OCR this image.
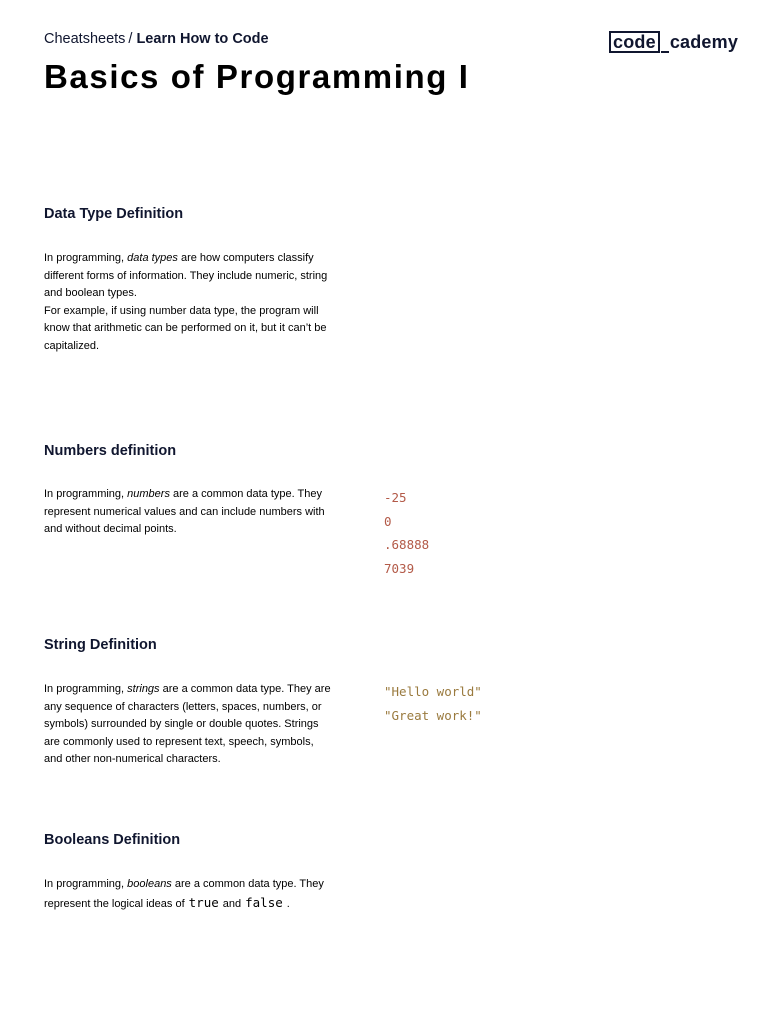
Cheatsheets / Learn How to Code	code cademy
Basics of Programming I
Data Type Definition

In programming, data types are how computers classify different forms of information. They include numeric, string and boolean types.

For example, if using number data type, the program will know that arithmetic can be performed on it, but it can’t be capitalized.

Numbers definition

In programming, numbers are a common data type. They represent numerical values and can include numbers with and without decimal points.

-25
0
.68888
7039
String Definition

In programming, strings are a common data type. They are any sequence of characters (letters, spaces, numbers, or symbols) surrounded by single or double quotes. Strings are commonly used to represent text, speech, symbols, and other non-numerical characters.

"Hello world"
"Great work!"
Booleans Definition

In programming, booleans are a common data type. They represent the logical ideas of true and false .
